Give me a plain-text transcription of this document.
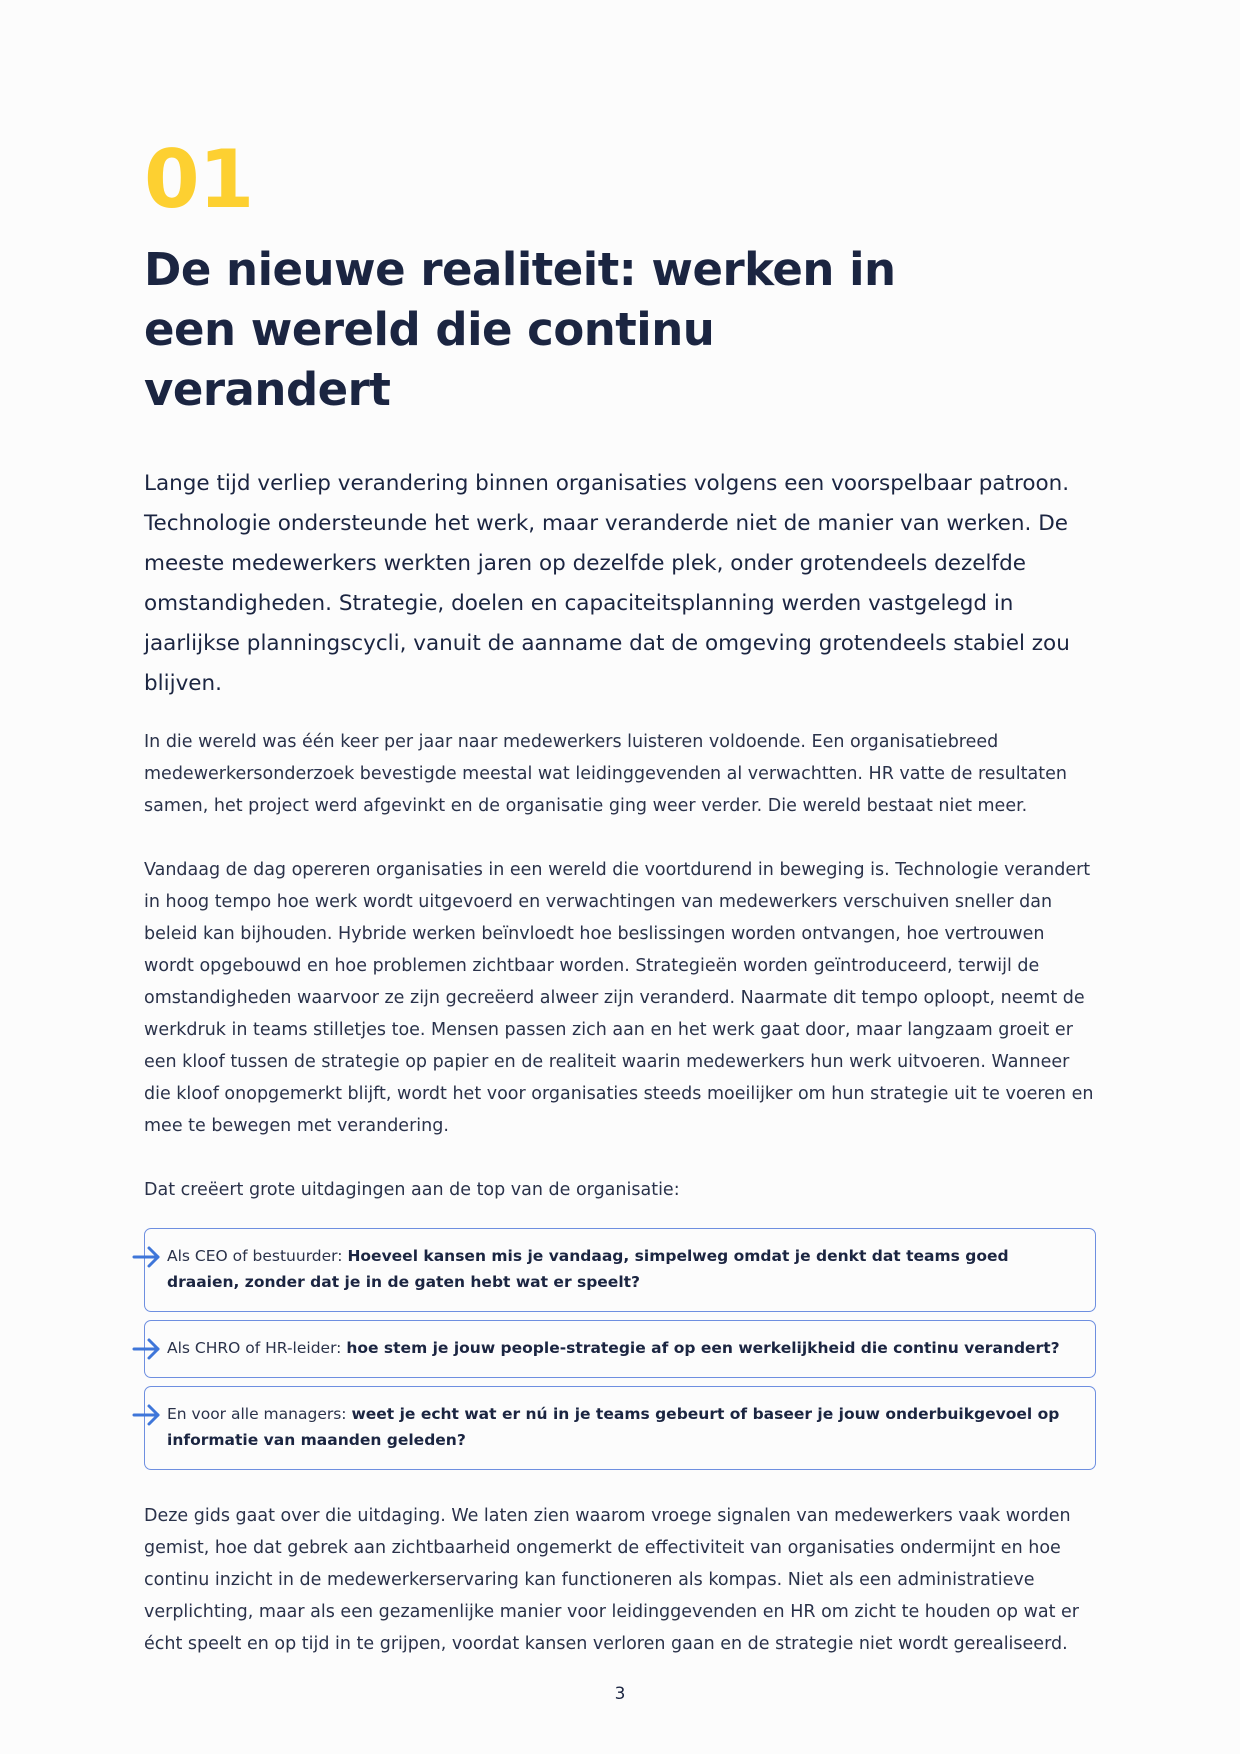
01
De nieuwe realiteit: werken in een wereld die continu verandert

Lange tijd verliep verandering binnen organisaties volgens een voorspelbaar patroon. Technologie ondersteunde het werk, maar veranderde niet de manier van werken. De meeste medewerkers werkten jaren op dezelfde plek, onder grotendeels dezelfde omstandigheden. Strategie, doelen en capaciteitsplanning werden vastgelegd in jaarlijkse planningscycli, vanuit de aanname dat de omgeving grotendeels stabiel zou blijven.

In die wereld was één keer per jaar naar medewerkers luisteren voldoende. Een organisatiebreed medewerkersonderzoek bevestigde meestal wat leidinggevenden al verwachtten. HR vatte de resultaten samen, het project werd afgevinkt en de organisatie ging weer verder. Die wereld bestaat niet meer.

Vandaag de dag opereren organisaties in een wereld die voortdurend in beweging is. Technologie verandert in hoog tempo hoe werk wordt uitgevoerd en verwachtingen van medewerkers verschuiven sneller dan beleid kan bijhouden. Hybride werken beïnvloedt hoe beslissingen worden ontvangen, hoe vertrouwen wordt opgebouwd en hoe problemen zichtbaar worden. Strategieën worden geïntroduceerd, terwijl de omstandigheden waarvoor ze zijn gecreëerd alweer zijn veranderd. Naarmate dit tempo oploopt, neemt de werkdruk in teams stilletjes toe. Mensen passen zich aan en het werk gaat door, maar langzaam groeit er een kloof tussen de strategie op papier en de realiteit waarin medewerkers hun werk uitvoeren. Wanneer die kloof onopgemerkt blijft, wordt het voor organisaties steeds moeilijker om hun strategie uit te voeren en mee te bewegen met verandering.

Dat creëert grote uitdagingen aan de top van de organisatie:

Als CEO of bestuurder: Hoeveel kansen mis je vandaag, simpelweg omdat je denkt dat teams goed draaien, zonder dat je in de gaten hebt wat er speelt?
Als CHRO of HR-leider: hoe stem je jouw people-strategie af op een werkelijkheid die continu verandert?
En voor alle managers: weet je echt wat er nú in je teams gebeurt of baseer je jouw onderbuikgevoel op informatie van maanden geleden?

Deze gids gaat over die uitdaging. We laten zien waarom vroege signalen van medewerkers vaak worden gemist, hoe dat gebrek aan zichtbaarheid ongemerkt de effectiviteit van organisaties ondermijnt en hoe continu inzicht in de medewerkerservaring kan functioneren als kompas. Niet als een administratieve verplichting, maar als een gezamenlijke manier voor leidinggevenden en HR om zicht te houden op wat er écht speelt en op tijd in te grijpen, voordat kansen verloren gaan en de strategie niet wordt gerealiseerd.

3
